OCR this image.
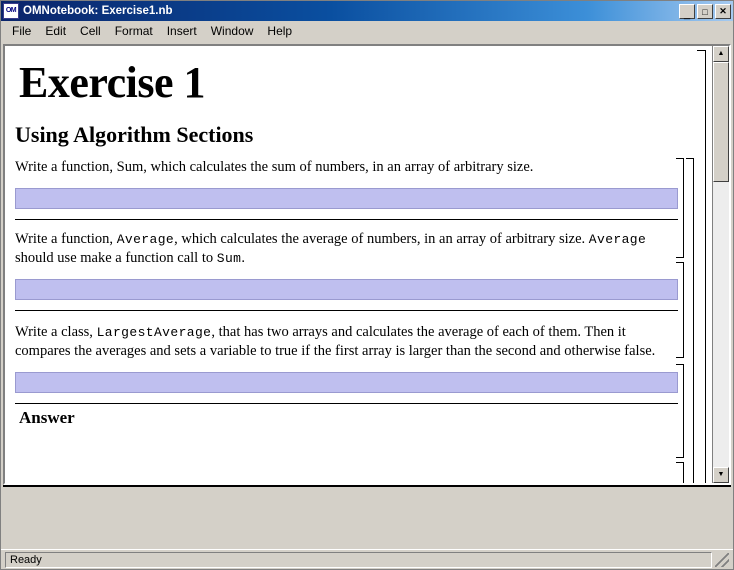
OM OMNotebook: Exercise1.nb	_	□	✕
File	Edit	Cell	Format	Insert	Window	Help
Exercise 1
Using Algorithm Sections
Write a function, Sum, which calculates the sum of numbers, in an array of arbitrary size.
Write a function, Average, which calculates the average of numbers, in an array of arbitrary size. Average should use make a function call to Sum.
Write a class, LargestAverage, that has two arrays and calculates the average of each of them. Then it compares the averages and sets a variable to true if the first array is larger than the second and otherwise false.
Answer
▲
▼
Ready
